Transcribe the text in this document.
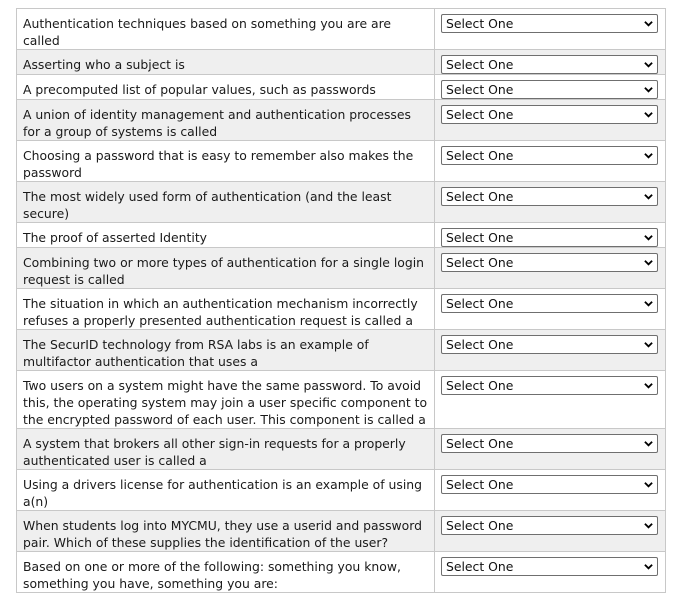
Authentication techniques based on something you are are called	Select One

Asserting who a subject is	Select One

A precomputed list of popular values, such as passwords	Select One

A union of identity management and authentication processes for a group of systems is called	Select One

Choosing a password that is easy to remember also makes the password	Select One

The most widely used form of authentication (and the least secure)	Select One

The proof of asserted Identity	Select One

Combining two or more types of authentication for a single login request is called	Select One

The situation in which an authentication mechanism incorrectly refuses a properly presented authentication request is called a	Select One

The SecurID technology from RSA labs is an example of multifactor authentication that uses a	Select One

Two users on a system might have the same password. To avoid this, the operating system may join a user specific component to the encrypted password of each user. This component is called a	Select One

A system that brokers all other sign-in requests for a properly authenticated user is called a	Select One

Using a drivers license for authentication is an example of using a(n)	Select One

When students log into MYCMU, they use a userid and password pair. Which of these supplies the identification of the user?	Select One

Based on one or more of the following: something you know, something you have, something you are:	Select One
